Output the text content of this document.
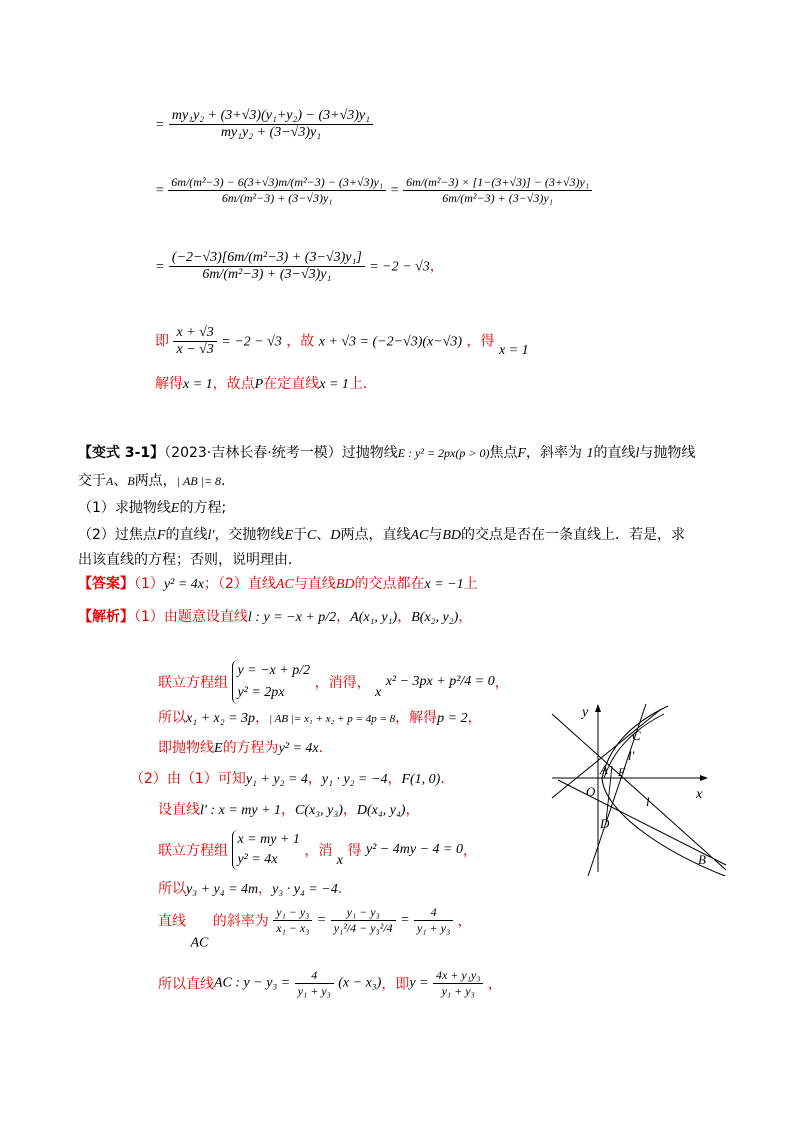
= $\frac{\text{my₁y₂ + (3+√3)(y₁+y₂) − (3+√3)y₁}}{\text{my₁y₂ + (3−√3)y₁}}$
= $\frac{\text{6m/(m²−3) − 6(3+√3)m/(m²−3) − (3+√3)y₁}}{\text{6m/(m²−3) + (3−√3)y₁}} = \frac{\text{6m/(m²−3) × [1−(3+√3)] − (3+√3)y₁}}{\text{6m/(m²−3) + (3−√3)y₁}}$
= $\frac{\text{(−2−√3)[6m/(m²−3) + (3−√3)y₁]}}{\text{6m/(m²−3) + (3−√3)y₁}} = -2 - √3$，
即 $\frac{x + √3}{x - √3} = -2 - √3$ ，故 x + √3 = (−2−√3)(x−√3) ，得 x = 1
解得x = 1，故点P在定直线x = 1上.
【变式 3-1】（2023·吉林长春·统考一模）过抛物线E : y² = 2px(p > 0)焦点F，斜率为 1的直线l与抛物线
交于A、B两点，| AB |= 8.
（1）求抛物线E的方程;
（2）过焦点F的直线l′，交抛物线E于C、D两点，直线AC与BD的交点是否在一条直线上．若是，求
出该直线的方程；否则，说明理由．
【答案】（1）y² = 4x；（2）直线AC与直线BD的交点都在x = −1上
【解析】（1）由题意设直线l : y = −x + p/2，A(x₁, y₁)，B(x₂, y₂)，
联立方程组
y = −x + p/2
y² = 2px
，消得， x x² − 3px + p²/4 = 0，
所以x₁ + x₂ = 3p，| AB |= x₁ + x₂ + p = 4p = 8，解得p = 2，
即抛物线E的方程为y² = 4x.
（2）由（1）可知y₁ + y₂ = 4，y₁ · y₂ = −4，F(1, 0).
设直线l′ : x = my + 1，C(x₃, y₃)，D(x₄, y₄)，
联立方程组
x = my + 1
y² = 4x
，消 x 得 y² − 4my − 4 = 0，
所以y₃ + y₄ = 4m，y₃ · y₄ = −4.
直线 AC 的斜率为 $\frac{\text{y₁ − y₃}}{\text{x₁ − x₃}} = \frac{\text{y₁ − y₃}}{\text{y₁²/4 − y₃²/4}} = \frac{4}{\text{y₁ + y₃}}$ ，
所以直线AC : $y - y_3 = \frac{4}{\text{y₁ + y₃}} (x - x_3)$，即$y = \frac{\text{4x + y₁y₃}}{\text{y₁ + y₃}}$ ，
y
x
O
A
C
F
l′
l
D
B
